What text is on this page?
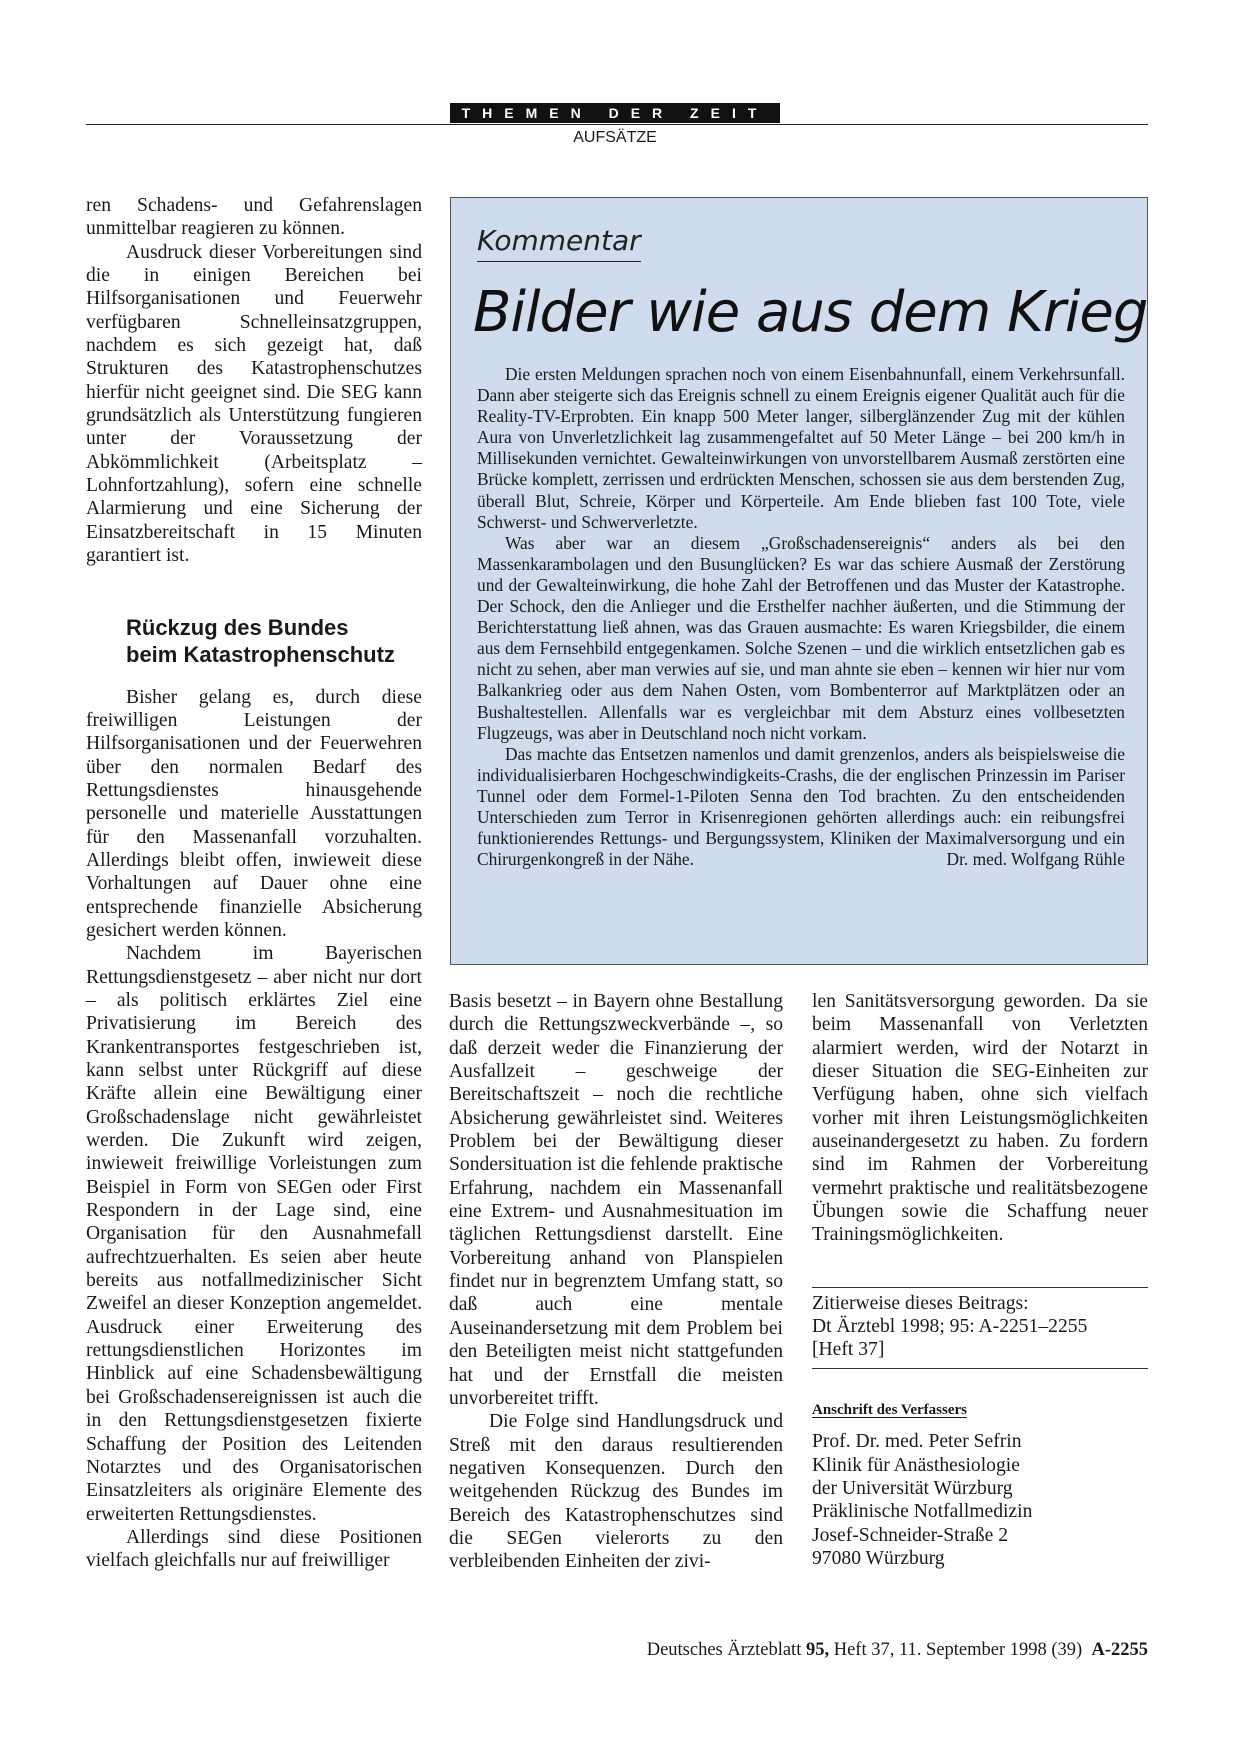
THEMEN DER ZEIT
AUFSÄTZE

ren Schadens- und Gefahrenslagen unmittelbar reagieren zu können.

Ausdruck dieser Vorbereitungen sind die in einigen Bereichen bei Hilfsorganisationen und Feuerwehr verfügbaren Schnelleinsatzgruppen, nachdem es sich gezeigt hat, daß Strukturen des Katastrophenschutzes hierfür nicht geeignet sind. Die SEG kann grundsätzlich als Unterstützung fungieren unter der Voraussetzung der Abkömmlichkeit (Arbeitsplatz – Lohnfortzahlung), sofern eine schnelle Alarmierung und eine Sicherung der Einsatzbereitschaft in 15 Minuten garantiert ist.

Rückzug des Bundes
beim Katastrophenschutz

Bisher gelang es, durch diese freiwilligen Leistungen der Hilfsorganisationen und der Feuerwehren über den normalen Bedarf des Rettungsdienstes hinausgehende personelle und materielle Ausstattungen für den Massenanfall vorzuhalten. Allerdings bleibt offen, inwieweit diese Vorhaltungen auf Dauer ohne eine entsprechende finanzielle Absicherung gesichert werden können.

Nachdem im Bayerischen Rettungsdienstgesetz – aber nicht nur dort – als politisch erklärtes Ziel eine Privatisierung im Bereich des Krankentransportes festgeschrieben ist, kann selbst unter Rückgriff auf diese Kräfte allein eine Bewältigung einer Großschadenslage nicht gewährleistet werden. Die Zukunft wird zeigen, inwieweit freiwillige Vorleistungen zum Beispiel in Form von SEGen oder First Respondern in der Lage sind, eine Organisation für den Ausnahmefall aufrechtzuerhalten. Es seien aber heute bereits aus notfallmedizinischer Sicht Zweifel an dieser Konzeption angemeldet. Ausdruck einer Erweiterung des rettungsdienstlichen Horizontes im Hinblick auf eine Schadensbewältigung bei Großschadensereignissen ist auch die in den Rettungsdienstgesetzen fixierte Schaffung der Position des Leitenden Notarztes und des Organisatorischen Einsatzleiters als originäre Elemente des erweiterten Rettungsdienstes.

Allerdings sind diese Positionen vielfach gleichfalls nur auf freiwilliger

Kommentar
Bilder wie aus dem Krieg

Die ersten Meldungen sprachen noch von einem Eisenbahnunfall, einem Verkehrsunfall. Dann aber steigerte sich das Ereignis schnell zu einem Ereignis eigener Qualität auch für die Reality-TV-Erprobten. Ein knapp 500 Meter langer, silberglänzender Zug mit der kühlen Aura von Unverletzlichkeit lag zusammengefaltet auf 50 Meter Länge – bei 200 km/h in Millisekunden vernichtet. Gewalteinwirkungen von unvorstellbarem Ausmaß zerstörten eine Brücke komplett, zerrissen und erdrückten Menschen, schossen sie aus dem berstenden Zug, überall Blut, Schreie, Körper und Körperteile. Am Ende blieben fast 100 Tote, viele Schwerst- und Schwerverletzte.

Was aber war an diesem „Großschadensereignis“ anders als bei den Massenkarambolagen und den Busunglücken? Es war das schiere Ausmaß der Zerstörung und der Gewalteinwirkung, die hohe Zahl der Betroffenen und das Muster der Katastrophe. Der Schock, den die Anlieger und die Ersthelfer nachher äußerten, und die Stimmung der Berichterstattung ließ ahnen, was das Grauen ausmachte: Es waren Kriegsbilder, die einem aus dem Fernsehbild entgegenkamen. Solche Szenen – und die wirklich entsetzlichen gab es nicht zu sehen, aber man verwies auf sie, und man ahnte sie eben – kennen wir hier nur vom Balkankrieg oder aus dem Nahen Osten, vom Bombenterror auf Marktplätzen oder an Bushaltestellen. Allenfalls war es vergleichbar mit dem Absturz eines vollbesetzten Flugzeugs, was aber in Deutschland noch nicht vorkam.

Das machte das Entsetzen namenlos und damit grenzenlos, anders als beispielsweise die individualisierbaren Hochgeschwindigkeits-Crashs, die der englischen Prinzessin im Pariser Tunnel oder dem Formel-1-Piloten Senna den Tod brachten. Zu den entscheidenden Unterschieden zum Terror in Krisenregionen gehörten allerdings auch: ein reibungsfrei funktionierendes Rettungs- und Bergungssystem, Kliniken der Maximalversorgung und ein Chirurgenkongreß in der Nähe.	Dr. med. Wolfgang Rühle

Basis besetzt – in Bayern ohne Bestallung durch die Rettungszweckverbände –, so daß derzeit weder die Finanzierung der Ausfallzeit – geschweige der Bereitschaftszeit – noch die rechtliche Absicherung gewährleistet sind. Weiteres Problem bei der Bewältigung dieser Sondersituation ist die fehlende praktische Erfahrung, nachdem ein Massenanfall eine Extrem- und Ausnahmesituation im täglichen Rettungsdienst darstellt. Eine Vorbereitung anhand von Planspielen findet nur in begrenztem Umfang statt, so daß auch eine mentale Auseinandersetzung mit dem Problem bei den Beteiligten meist nicht stattgefunden hat und der Ernstfall die meisten unvorbereitet trifft.

Die Folge sind Handlungsdruck und Streß mit den daraus resultierenden negativen Konsequenzen. Durch den weitgehenden Rückzug des Bundes im Bereich des Katastrophenschutzes sind die SEGen vielerorts zu den verbleibenden Einheiten der zivi-

len Sanitätsversorgung geworden. Da sie beim Massenanfall von Verletzten alarmiert werden, wird der Notarzt in dieser Situation die SEG-Einheiten zur Verfügung haben, ohne sich vielfach vorher mit ihren Leistungsmöglichkeiten auseinandergesetzt zu haben. Zu fordern sind im Rahmen der Vorbereitung vermehrt praktische und realitätsbezogene Übungen sowie die Schaffung neuer Trainingsmöglichkeiten.

Zitierweise dieses Beitrags:
Dt Ärztebl 1998; 95: A-2251–2255
[Heft 37]
Anschrift des Verfassers
Prof. Dr. med. Peter Sefrin
Klinik für Anästhesiologie
der Universität Würzburg
Präklinische Notfallmedizin
Josef-Schneider-Straße 2
97080 Würzburg
Deutsches Ärzteblatt 95, Heft 37, 11. September 1998 (39) A-2255
